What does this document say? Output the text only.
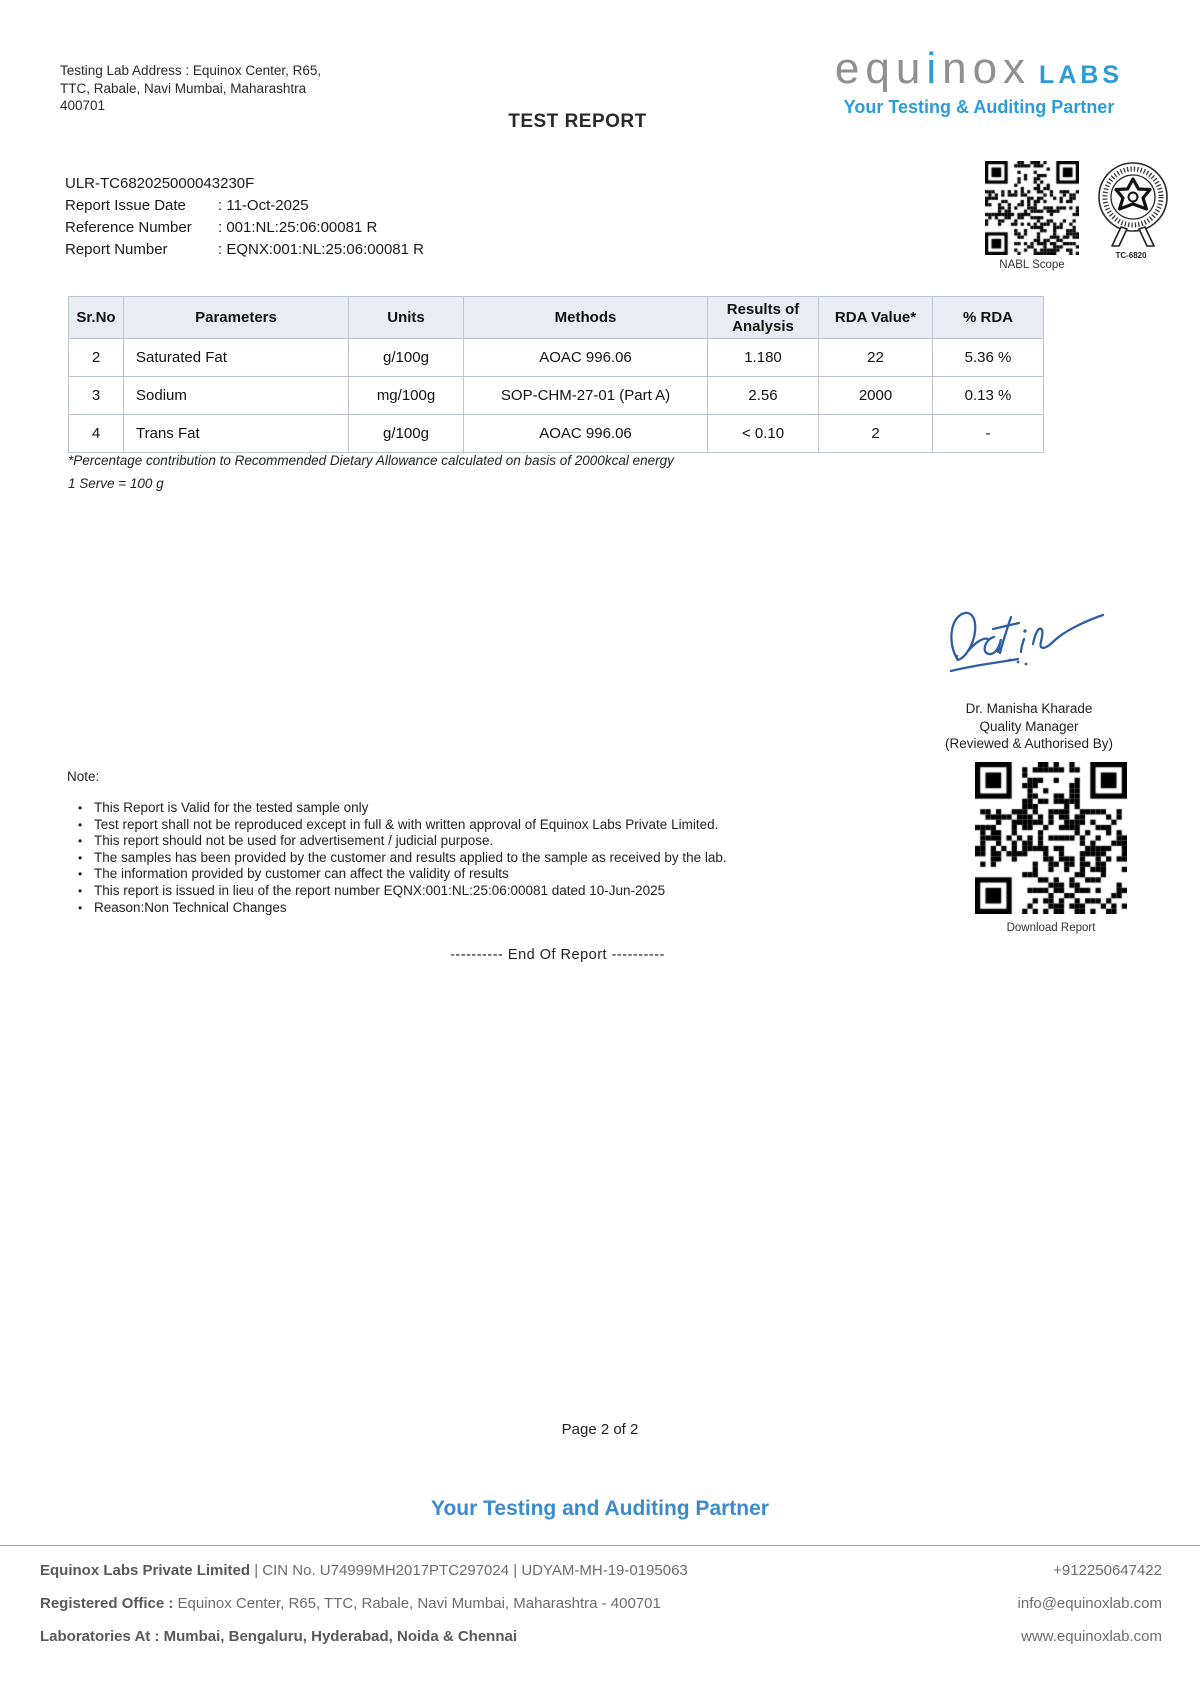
Testing Lab Address : Equinox Center, R65,
TTC, Rabale, Navi Mumbai, Maharashtra
400701
TEST REPORT
equinox LABS
Your Testing & Auditing Partner
NABL Scope
TC-6820
ULR-TC682025000043230F
Report Issue Date : 11-Oct-2025
Reference Number : 001:NL:25:06:00081 R
Report Number	: EQNX:001:NL:25:06:00081 R
Sr.No	Parameters	Units	Methods	Results of Analysis	RDA Value*	% RDA
2	Saturated Fat	g/100g	AOAC 996.06	1.180	22	5.36 %
3	Sodium	mg/100g	SOP-CHM-27-01 (Part A)	2.56	2000	0.13 %
4	Trans Fat	g/100g	AOAC 996.06	< 0.10	2	-
*Percentage contribution to Recommended Dietary Allowance calculated on basis of 2000kcal energy
1 Serve = 100 g
Dr. Manisha Kharade
Quality Manager
(Reviewed & Authorised By)
Download Report
Note:
• This Report is Valid for the tested sample only
• Test report shall not be reproduced except in full & with written approval of Equinox Labs Private Limited.
• This report should not be used for advertisement / judicial purpose.
• The samples has been provided by the customer and results applied to the sample as received by the lab.
• The information provided by customer can affect the validity of results
• This report is issued in lieu of the report number EQNX:001:NL:25:06:00081 dated 10-Jun-2025
• Reason:Non Technical Changes
---------- End Of Report ----------
Page 2 of 2
Your Testing and Auditing Partner
Equinox Labs Private Limited | CIN No. U74999MH2017PTC297024 | UDYAM-MH-19-0195063	+912250647422
Registered Office : Equinox Center, R65, TTC, Rabale, Navi Mumbai, Maharashtra - 400701	info@equinoxlab.com
Laboratories At : Mumbai, Bengaluru, Hyderabad, Noida & Chennai	www.equinoxlab.com
